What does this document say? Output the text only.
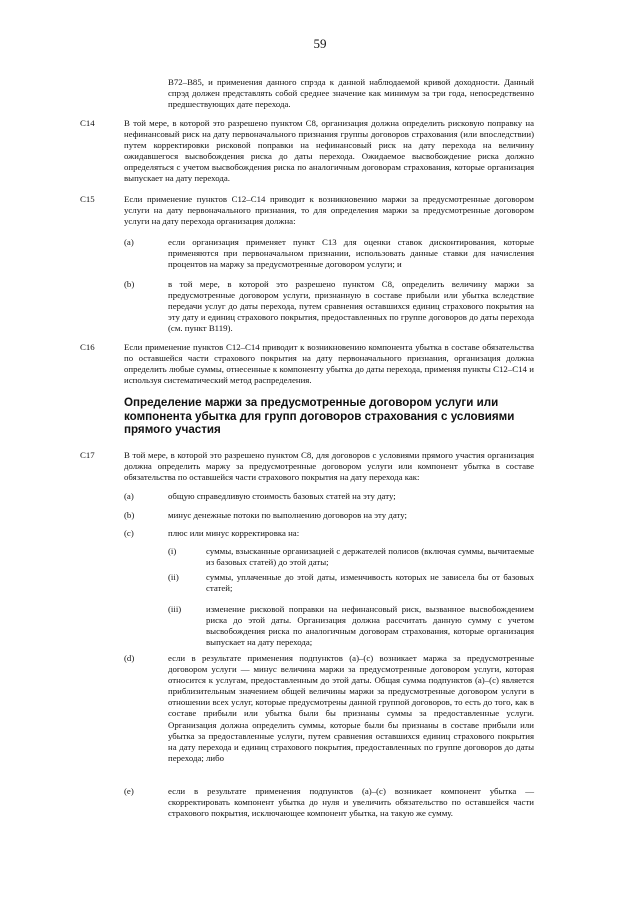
59

B72–B85, и применения данного спрэда к данной наблюдаемой кривой доходности. Данный спрэд должен представлять собой среднее значение как минимум за три года, непосредственно предшествующих дате перехода.

C14	В той мере, в которой это разрешено пунктом C8, организация должна определить рисковую поправку на нефинансовый риск на дату первоначального признания группы договоров страхования (или впоследствии) путем корректировки рисковой поправки на нефинансовый риск на дату перехода на величину ожидавшегося высвобождения риска до даты перехода. Ожидаемое высвобождение риска должно определяться с учетом высвобождения риска по аналогичным договорам страхования, которые организация выпускает на дату перехода.

C15	Если применение пунктов C12–C14 приводит к возникновению маржи за предусмотренные договором услуги на дату первоначального признания, то для определения маржи за предусмотренные договором услуги на дату перехода организация должна:

(a)	если организация применяет пункт C13 для оценки ставок дисконтирования, которые применяются при первоначальном признании, использовать данные ставки для начисления процентов на маржу за предусмотренные договором услуги; и

(b)	в той мере, в которой это разрешено пунктом C8, определить величину маржи за предусмотренные договором услуги, признанную в составе прибыли или убытка вследствие передачи услуг до даты перехода, путем сравнения оставшихся единиц страхового покрытия на эту дату и единиц страхового покрытия, предоставленных по группе договоров до даты перехода (см. пункт B119).

C16	Если применение пунктов C12–C14 приводит к возникновению компонента убытка в составе обязательства по оставшейся части страхового покрытия на дату первоначального признания, организация должна определить любые суммы, отнесенные к компоненту убытка до даты перехода, применяя пункты C12–C14 и используя систематический метод распределения.

Определение маржи за предусмотренные договором услуги или компонента убытка для групп договоров страхования с условиями прямого участия

C17	В той мере, в которой это разрешено пунктом C8, для договоров с условиями прямого участия организация должна определить маржу за предусмотренные договором услуги или компонент убытка в составе обязательства по оставшейся части страхового покрытия на дату перехода как:

(a)	общую справедливую стоимость базовых статей на эту дату;

(b)	минус денежные потоки по выполнению договоров на эту дату;

(c)	плюс или минус корректировка на:

(i)	суммы, взысканные организацией с держателей полисов (включая суммы, вычитаемые из базовых статей) до этой даты;

(ii)	суммы, уплаченные до этой даты, изменчивость которых не зависела бы от базовых статей;

(iii)	изменение рисковой поправки на нефинансовый риск, вызванное высвобождением риска до этой даты. Организация должна рассчитать данную сумму с учетом высвобождения риска по аналогичным договорам страхования, которые организация выпускает на дату перехода;

(d)	если в результате применения подпунктов (a)–(c) возникает маржа за предусмотренные договором услуги — минус величина маржи за предусмотренные договором услуги, которая относится к услугам, предоставленным до этой даты. Общая сумма подпунктов (a)–(c) является приблизительным значением общей величины маржи за предусмотренные договором услуги в отношении всех услуг, которые предусмотрены данной группой договоров, то есть до того, как в составе прибыли или убытка были бы признаны суммы за предоставленные услуги. Организация должна определить суммы, которые были бы признаны в составе прибыли или убытка за предоставленные услуги, путем сравнения оставшихся единиц страхового покрытия на дату перехода и единиц страхового покрытия, предоставленных по группе договоров до даты перехода; либо

(e)	если в результате применения подпунктов (a)–(c) возникает компонент убытка — скорректировать компонент убытка до нуля и увеличить обязательство по оставшейся части страхового покрытия, исключающее компонент убытка, на такую же сумму.
